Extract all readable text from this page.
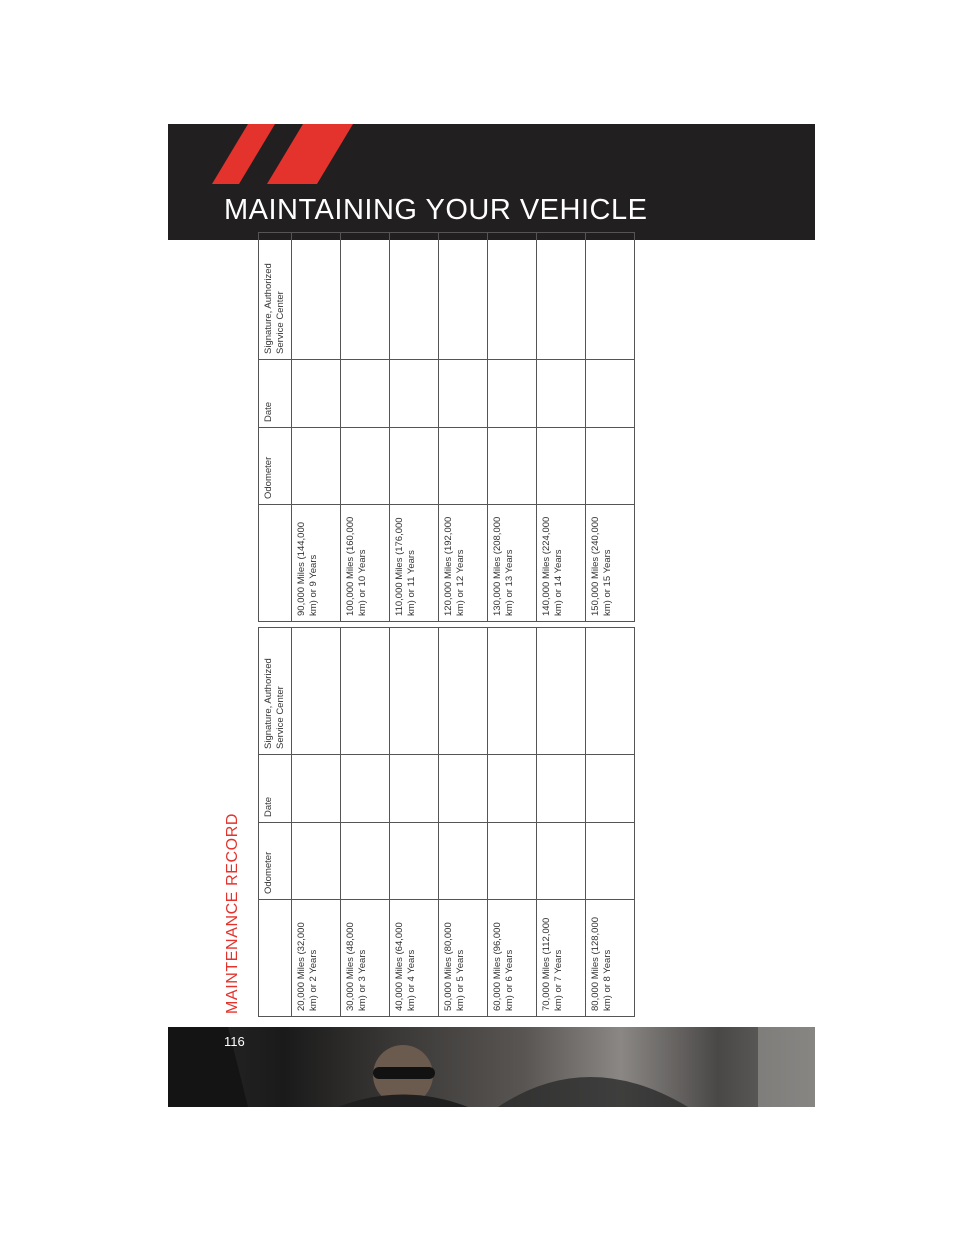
MAINTAINING YOUR VEHICLE
MAINTENANCE RECORD
	Odometer	Date	Signature, Authorized Service Center
20,000 Miles (32,000 km) or 2 Years			
30,000 Miles (48,000 km) or 3 Years			
40,000 Miles (64,000 km) or 4 Years			
50,000 Miles (80,000 km) or 5 Years			
60,000 Miles (96,000 km) or 6 Years			
70,000 Miles (112,000 km) or 7 Years			
80,000 Miles (128,000 km) or 8 Years			
	Odometer	Date	Signature, Authorized Service Center
90,000 Miles (144,000 km) or 9 Years			
100,000 Miles (160,000 km) or 10 Years			
110,000 Miles (176,000 km) or 11 Years			
120,000 Miles (192,000 km) or 12 Years			
130,000 Miles (208,000 km) or 13 Years			
140,000 Miles (224,000 km) or 14 Years			
150,000 Miles (240,000 km) or 15 Years			
116
